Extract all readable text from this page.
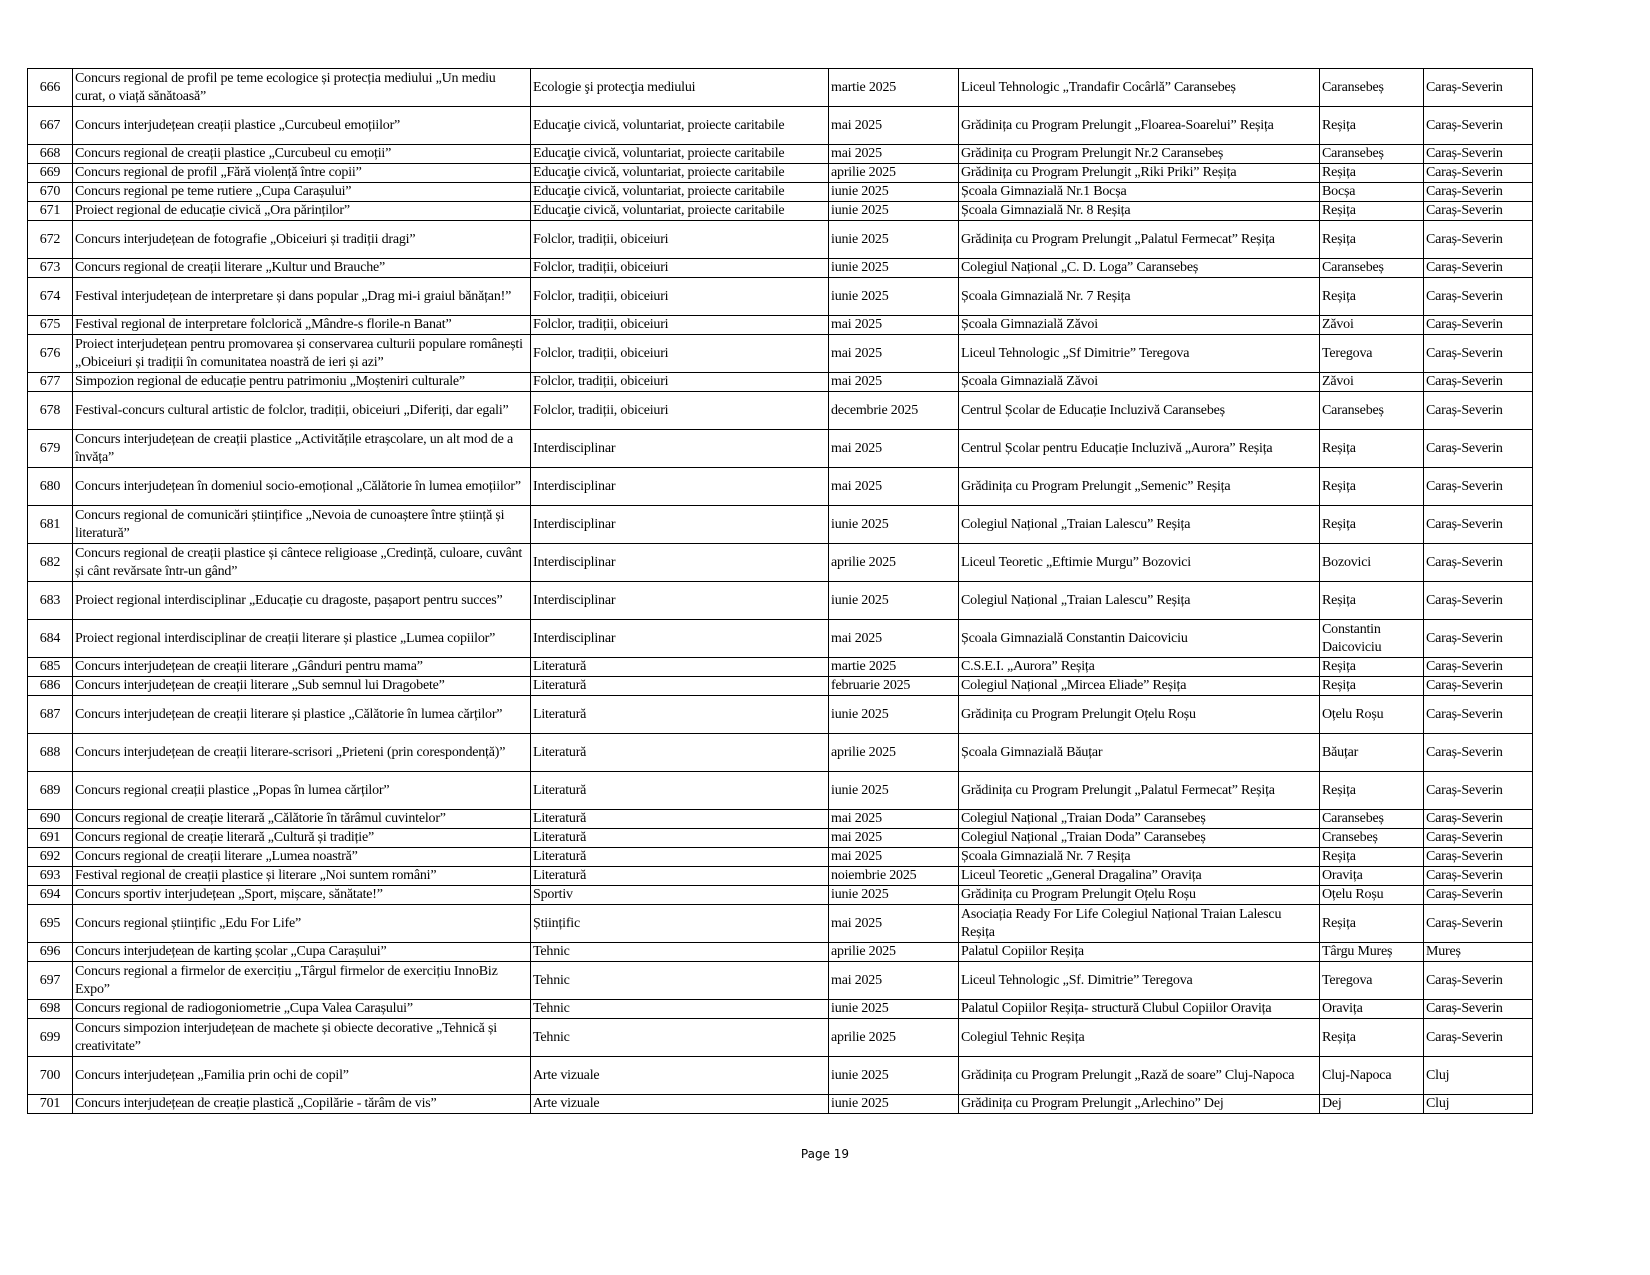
666	Concurs regional de profil pe teme ecologice și protecția mediului „Un mediu curat, o viață sănătoasă”	Ecologie şi protecţia mediului	martie 2025	Liceul Tehnologic „Trandafir Cocârlă” Caransebeș	Caransebeș	Caraș-Severin
667	Concurs interjudețean creații plastice „Curcubeul emoțiilor”	Educaţie civică, voluntariat, proiecte caritabile	mai 2025	Grădinița cu Program Prelungit „Floarea-Soarelui” Reșița	Reșița	Caraș-Severin
668	Concurs regional de creații plastice „Curcubeul cu emoții”	Educaţie civică, voluntariat, proiecte caritabile	mai 2025	Grădinița cu Program Prelungit Nr.2 Caransebeș	Caransebeș	Caraș-Severin
669	Concurs regional de profil „Fără violență între copii”	Educaţie civică, voluntariat, proiecte caritabile	aprilie 2025	Grădinița cu Program Prelungit „Riki Priki” Reșița	Reșița	Caraș-Severin
670	Concurs regional pe teme rutiere „Cupa Carașului”	Educaţie civică, voluntariat, proiecte caritabile	iunie 2025	Școala Gimnazială Nr.1 Bocșa	Bocșa	Caraș-Severin
671	Proiect regional de educație civică „Ora părinților”	Educaţie civică, voluntariat, proiecte caritabile	iunie 2025	Școala Gimnazială Nr. 8 Reșița	Reșița	Caraș-Severin
672	Concurs interjudețean de fotografie „Obiceiuri și tradiții dragi”	Folclor, tradiții, obiceiuri	iunie 2025	Grădinița cu Program Prelungit „Palatul Fermecat” Reșița	Reșița	Caraș-Severin
673	Concurs regional de creații literare „Kultur und Brauche”	Folclor, tradiții, obiceiuri	iunie 2025	Colegiul Național „C. D. Loga” Caransebeș	Caransebeș	Caraș-Severin
674	Festival interjudețean de interpretare și dans popular „Drag mi-i graiul bănățan!”	Folclor, tradiții, obiceiuri	iunie 2025	Școala Gimnazială Nr. 7 Reșița	Reșița	Caraș-Severin
675	Festival regional de interpretare folclorică „Mândre-s florile-n Banat”	Folclor, tradiții, obiceiuri	mai 2025	Școala Gimnazială Zăvoi	Zăvoi	Caraș-Severin
676	Proiect interjudețean pentru promovarea și conservarea culturii populare românești „Obiceiuri și tradiții în comunitatea noastră de ieri și azi”	Folclor, tradiții, obiceiuri	mai 2025	Liceul Tehnologic „Sf Dimitrie” Teregova	Teregova	Caraș-Severin
677	Simpozion regional de educație pentru patrimoniu „Moșteniri culturale”	Folclor, tradiții, obiceiuri	mai 2025	Școala Gimnazială Zăvoi	Zăvoi	Caraș-Severin
678	Festival-concurs cultural artistic de folclor, tradiții, obiceiuri „Diferiți, dar egali”	Folclor, tradiții, obiceiuri	decembrie 2025	Centrul Școlar de Educație Incluzivă Caransebeș	Caransebeș	Caraș-Severin
679	Concurs interjudețean de creații plastice „Activitățile etrașcolare, un alt mod de a învăța”	Interdisciplinar	mai 2025	Centrul Școlar pentru Educație Incluzivă „Aurora” Reșița	Reșița	Caraș-Severin
680	Concurs interjudețean în domeniul socio-emoțional „Călătorie în lumea emoțiilor”	Interdisciplinar	mai 2025	Grădinița cu Program Prelungit „Semenic” Reșița	Reșița	Caraș-Severin
681	Concurs regional de comunicări științifice „Nevoia de cunoaștere între știință și literatură”	Interdisciplinar	iunie 2025	Colegiul Național „Traian Lalescu” Reșița	Reșița	Caraș-Severin
682	Concurs regional de creații plastice și cântece religioase „Credință, culoare, cuvânt și cânt revărsate într-un gând”	Interdisciplinar	aprilie 2025	Liceul Teoretic „Eftimie Murgu” Bozovici	Bozovici	Caraș-Severin
683	Proiect regional interdisciplinar „Educație cu dragoste, pașaport pentru succes”	Interdisciplinar	iunie 2025	Colegiul Național „Traian Lalescu” Reșița	Reșița	Caraș-Severin
684	Proiect regional interdisciplinar de creații literare și plastice „Lumea copiilor”	Interdisciplinar	mai 2025	Școala Gimnazială Constantin Daicoviciu	Constantin Daicoviciu	Caraș-Severin
685	Concurs interjudețean de creații literare „Gânduri pentru mama”	Literatură	martie 2025	C.S.E.I. „Aurora” Reșița	Reșița	Caraș-Severin
686	Concurs interjudețean de creații literare „Sub semnul lui Dragobete”	Literatură	februarie 2025	Colegiul Național „Mircea Eliade” Reșița	Reșița	Caraș-Severin
687	Concurs interjudețean de creații literare și plastice „Călătorie în lumea cărților”	Literatură	iunie 2025	Grădinița cu Program Prelungit Oțelu Roșu	Oțelu Roșu	Caraș-Severin
688	Concurs interjudețean de creații literare-scrisori „Prieteni (prin corespondență)”	Literatură	aprilie 2025	Școala Gimnazială Băuțar	Băuțar	Caraș-Severin
689	Concurs regional creații plastice „Popas în lumea cărților”	Literatură	iunie 2025	Grădinița cu Program Prelungit „Palatul Fermecat” Reșița	Reșița	Caraș-Severin
690	Concurs regional de creație literară „Călătorie în tărâmul cuvintelor”	Literatură	mai 2025	Colegiul Național „Traian Doda” Caransebeș	Caransebeș	Caraș-Severin
691	Concurs regional de creație literară „Cultură și tradiție”	Literatură	mai 2025	Colegiul Național „Traian Doda” Caransebeș	Cransebeș	Caraș-Severin
692	Concurs regional de creații literare „Lumea noastră”	Literatură	mai 2025	Școala Gimnazială Nr. 7 Reșița	Reșița	Caraș-Severin
693	Festival regional de creații plastice și literare „Noi suntem români”	Literatură	noiembrie 2025	Liceul Teoretic „General Dragalina” Oravița	Oravița	Caraș-Severin
694	Concurs sportiv interjudețean „Sport, mișcare, sănătate!”	Sportiv	iunie 2025	Grădinița cu Program Prelungit Oțelu Roșu	Oțelu Roșu	Caraș-Severin
695	Concurs regional științific „Edu For Life”	Științific	mai 2025	Asociația Ready For Life Colegiul Național Traian Lalescu Reșița	Reșița	Caraș-Severin
696	Concurs interjudețean de karting școlar „Cupa Carașului”	Tehnic	aprilie 2025	Palatul Copiilor Reșița	Târgu Mureș	Mureș
697	Concurs regional a firmelor de exercițiu „Târgul firmelor de exercițiu InnoBiz Expo”	Tehnic	mai 2025	Liceul Tehnologic „Sf. Dimitrie” Teregova	Teregova	Caraș-Severin
698	Concurs regional de radiogoniometrie „Cupa Valea Carașului”	Tehnic	iunie 2025	Palatul Copiilor Reșița- structură Clubul Copiilor Oravița	Oravița	Caraș-Severin
699	Concurs simpozion interjudețean de machete și obiecte decorative „Tehnică și creativitate”	Tehnic	aprilie 2025	Colegiul Tehnic Reșița	Reșița	Caraș-Severin
700	Concurs interjudețean „Familia prin ochi de copil”	Arte vizuale	iunie 2025	Grădinița cu Program Prelungit „Rază de soare” Cluj-Napoca	Cluj-Napoca	Cluj
701	Concurs interjudețean de creație plastică „Copilărie - tărâm de vis”	Arte vizuale	iunie 2025	Grădinița cu Program Prelungit „Arlechino” Dej	Dej	Cluj
Page 19
